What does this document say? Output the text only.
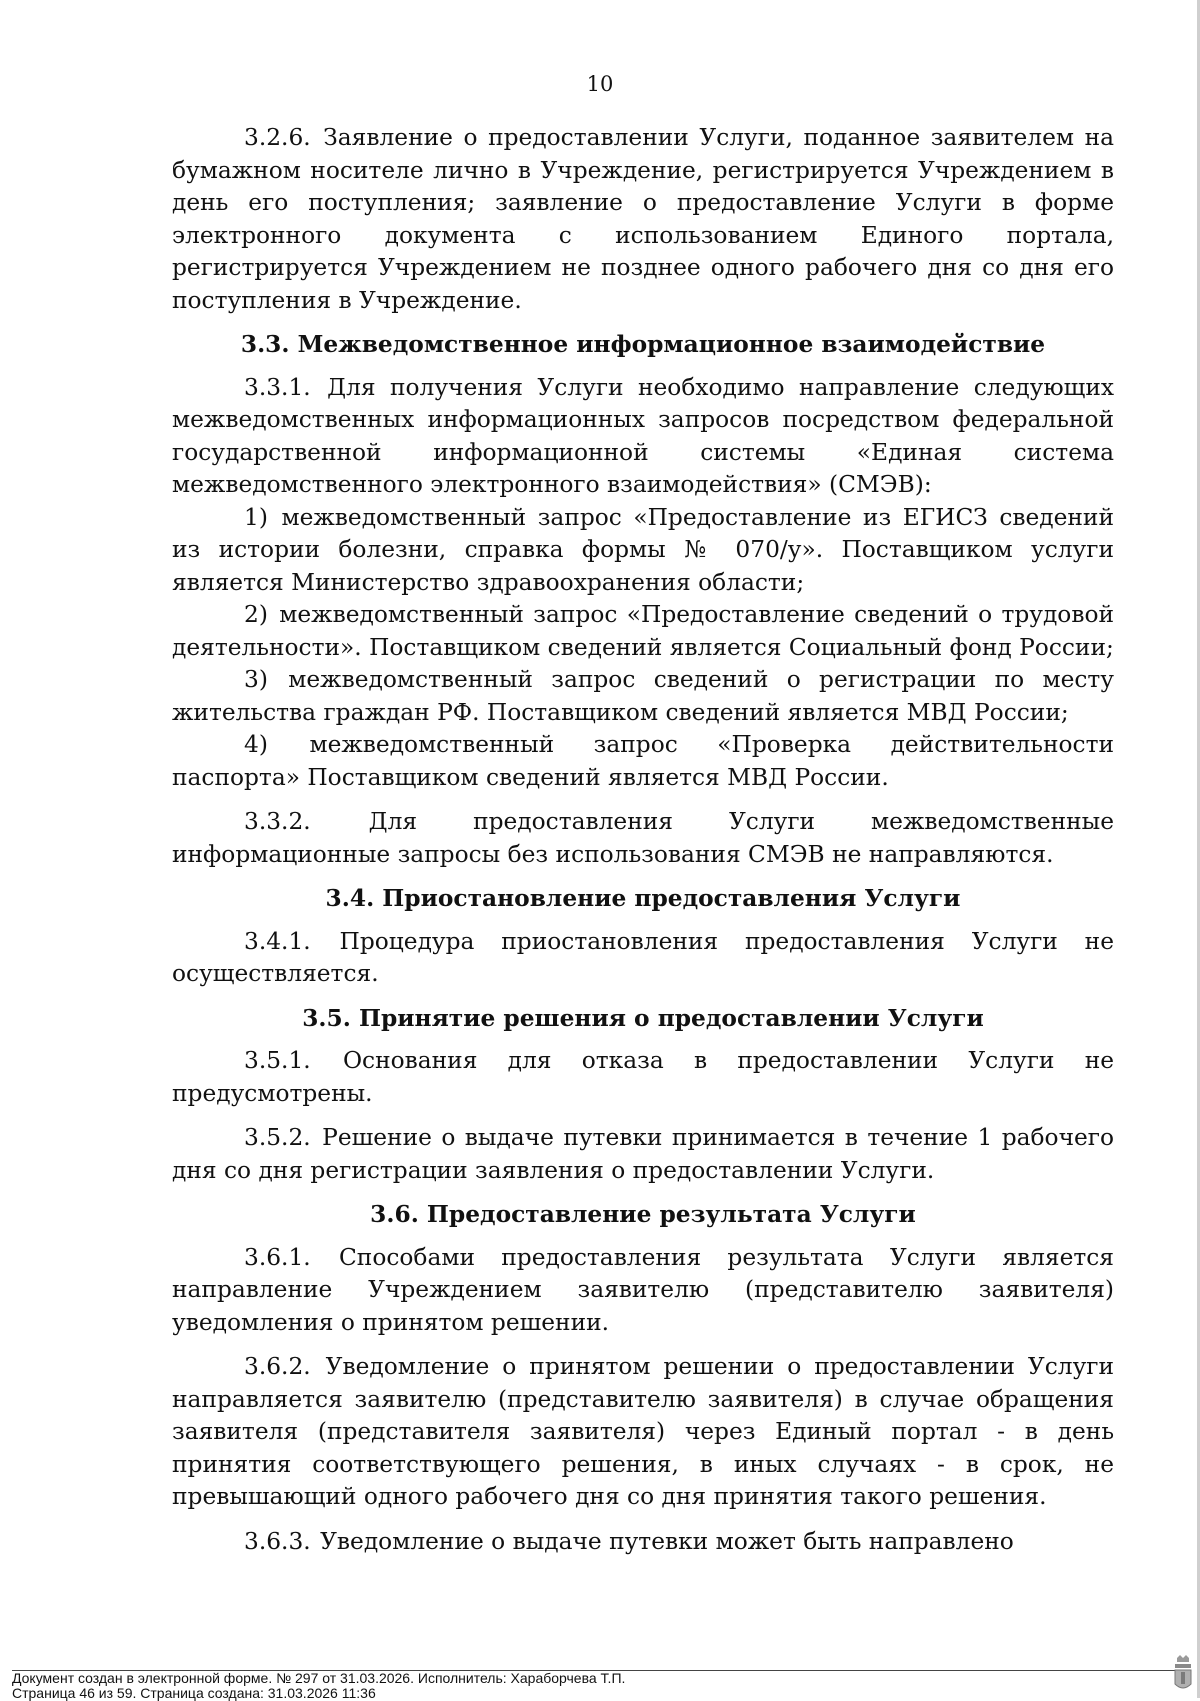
10

3.2.6. Заявление о предоставлении Услуги, поданное заявителем на бумажном носителе лично в Учреждение, регистрируется Учреждением в день его поступления; заявление о предоставление Услуги в форме электронного документа с использованием Единого портала, регистрируется Учреждением не позднее одного рабочего дня со дня его поступления в Учреждение.

3.3. Межведомственное информационное взаимодействие

3.3.1. Для получения Услуги необходимо направление следующих межведомственных информационных запросов посредством федеральной государственной информационной системы «Единая система межведомственного электронного взаимодействия» (СМЭВ):

1) межведомственный запрос «Предоставление из ЕГИСЗ сведений из истории болезни, справка формы № 070/у». Поставщиком услуги является Министерство здравоохранения области;

2) межведомственный запрос «Предоставление сведений о трудовой деятельности». Поставщиком сведений является Социальный фонд России;

3) межведомственный запрос сведений о регистрации по месту жительства граждан РФ. Поставщиком сведений является МВД России;

4) межведомственный запрос «Проверка действительности паспорта» Поставщиком сведений является МВД России.

3.3.2. Для предоставления Услуги межведомственные информационные запросы без использования СМЭВ не направляются.

3.4. Приостановление предоставления Услуги

3.4.1. Процедура приостановления предоставления Услуги не осуществляется.

3.5. Принятие решения о предоставлении Услуги

3.5.1. Основания для отказа в предоставлении Услуги не предусмотрены.

3.5.2. Решение о выдаче путевки принимается в течение 1 рабочего дня со дня регистрации заявления о предоставлении Услуги.

3.6. Предоставление результата Услуги

3.6.1. Способами предоставления результата Услуги является направление Учреждением заявителю (представителю заявителя) уведомления о принятом решении.

3.6.2. Уведомление о принятом решении о предоставлении Услуги направляется заявителю (представителю заявителя) в случае обращения заявителя (представителя заявителя) через Единый портал - в день принятия соответствующего решения, в иных случаях - в срок, не превышающий одного рабочего дня со дня принятия такого решения.

3.6.3. Уведомление о выдаче путевки может быть направлено

Документ создан в электронной форме. № 297 от 31.03.2026. Исполнитель: Хараборчева Т.П.
Страница 46 из 59. Страница создана: 31.03.2026 11:36
